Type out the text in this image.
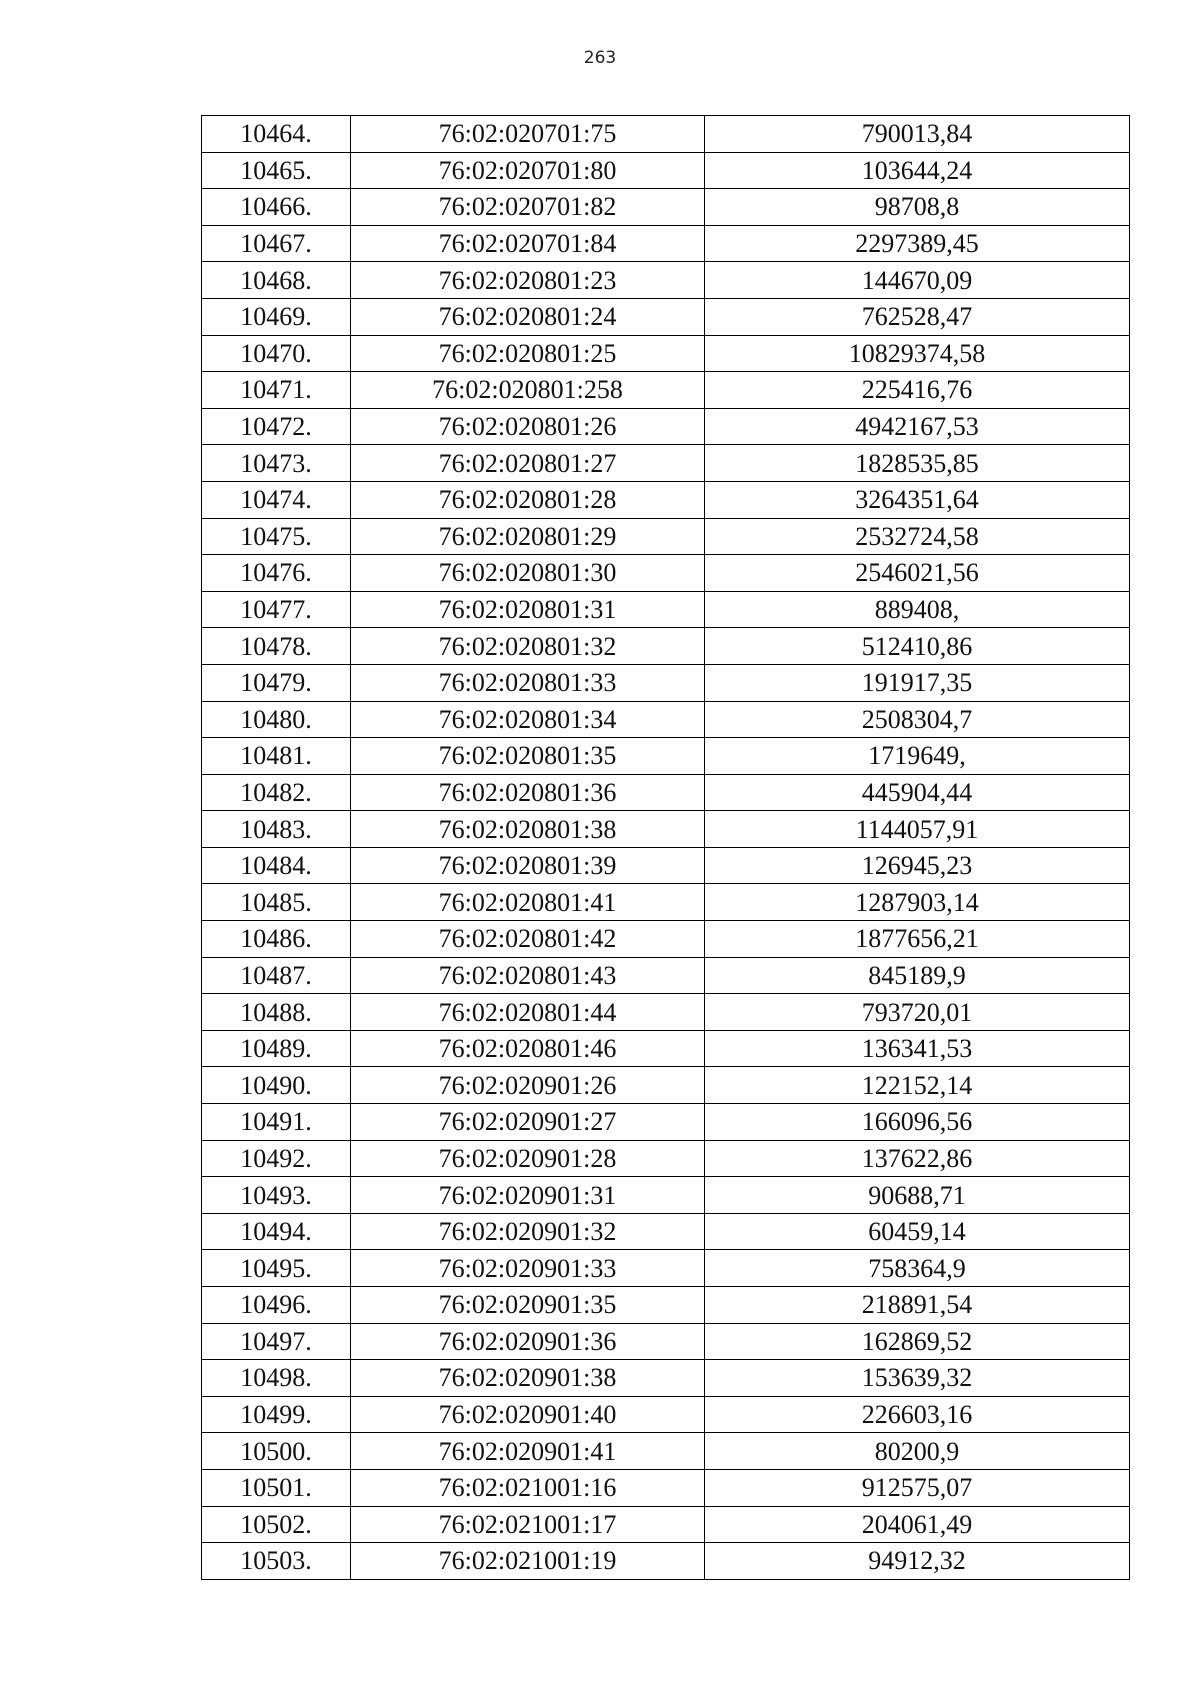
263
10464.	76:02:020701:75	790013,84
10465.	76:02:020701:80	103644,24
10466.	76:02:020701:82	98708,8
10467.	76:02:020701:84	2297389,45
10468.	76:02:020801:23	144670,09
10469.	76:02:020801:24	762528,47
10470.	76:02:020801:25	10829374,58
10471.	76:02:020801:258	225416,76
10472.	76:02:020801:26	4942167,53
10473.	76:02:020801:27	1828535,85
10474.	76:02:020801:28	3264351,64
10475.	76:02:020801:29	2532724,58
10476.	76:02:020801:30	2546021,56
10477.	76:02:020801:31	889408,
10478.	76:02:020801:32	512410,86
10479.	76:02:020801:33	191917,35
10480.	76:02:020801:34	2508304,7
10481.	76:02:020801:35	1719649,
10482.	76:02:020801:36	445904,44
10483.	76:02:020801:38	1144057,91
10484.	76:02:020801:39	126945,23
10485.	76:02:020801:41	1287903,14
10486.	76:02:020801:42	1877656,21
10487.	76:02:020801:43	845189,9
10488.	76:02:020801:44	793720,01
10489.	76:02:020801:46	136341,53
10490.	76:02:020901:26	122152,14
10491.	76:02:020901:27	166096,56
10492.	76:02:020901:28	137622,86
10493.	76:02:020901:31	90688,71
10494.	76:02:020901:32	60459,14
10495.	76:02:020901:33	758364,9
10496.	76:02:020901:35	218891,54
10497.	76:02:020901:36	162869,52
10498.	76:02:020901:38	153639,32
10499.	76:02:020901:40	226603,16
10500.	76:02:020901:41	80200,9
10501.	76:02:021001:16	912575,07
10502.	76:02:021001:17	204061,49
10503.	76:02:021001:19	94912,32
